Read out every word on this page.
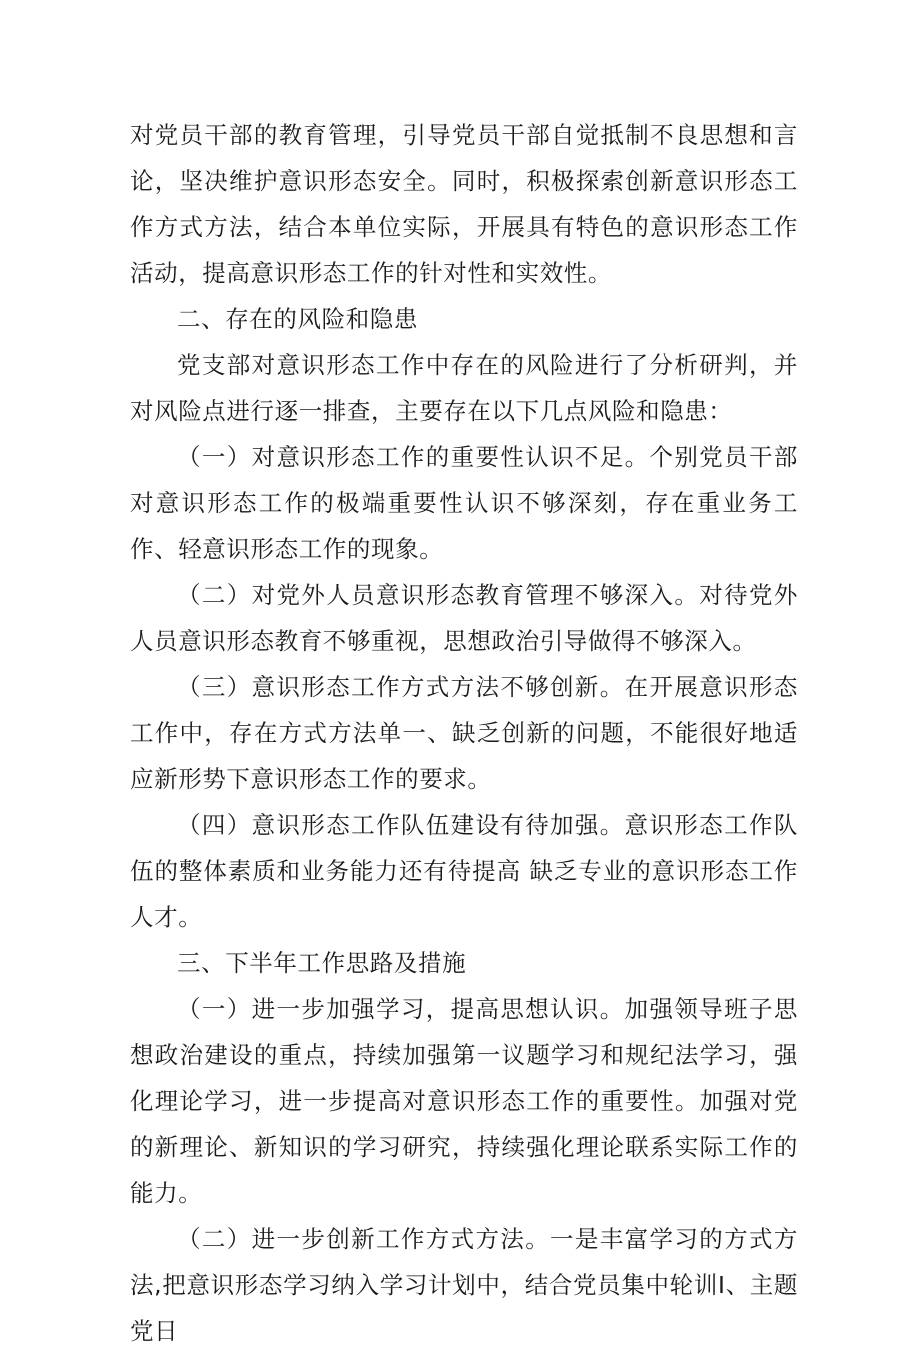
对党员干部的教育管理，引导党员干部自觉抵制不良思想和言论，坚决维护意识形态安全。同时，积极探索创新意识形态工作方式方法，结合本单位实际，开展具有特色的意识形态工作活动，提高意识形态工作的针对性和实效性。

二、存在的风险和隐患

党支部对意识形态工作中存在的风险进行了分析研判，并对风险点进行逐一排查，主要存在以下几点风险和隐患：

（一）对意识形态工作的重要性认识不足。个别党员干部对意识形态工作的极端重要性认识不够深刻，存在重业务工作、轻意识形态工作的现象。

（二）对党外人员意识形态教育管理不够深入。对待党外人员意识形态教育不够重视，思想政治引导做得不够深入。

（三）意识形态工作方式方法不够创新。在开展意识形态工作中，存在方式方法单一、缺乏创新的问题，不能很好地适应新形势下意识形态工作的要求。

（四）意识形态工作队伍建设有待加强。意识形态工作队伍的整体素质和业务能力还有待提高 缺乏专业的意识形态工作人才。

三、下半年工作思路及措施

（一）进一步加强学习，提高思想认识。加强领导班子思想政治建设的重点，持续加强第一议题学习和规纪法学习，强化理论学习，进一步提高对意识形态工作的重要性。加强对党的新理论、新知识的学习研究，持续强化理论联系实际工作的能力。

（二）进一步创新工作方式方法。一是丰富学习的方式方法,把意识形态学习纳入学习计划中，结合党员集中轮训I、主题党日
